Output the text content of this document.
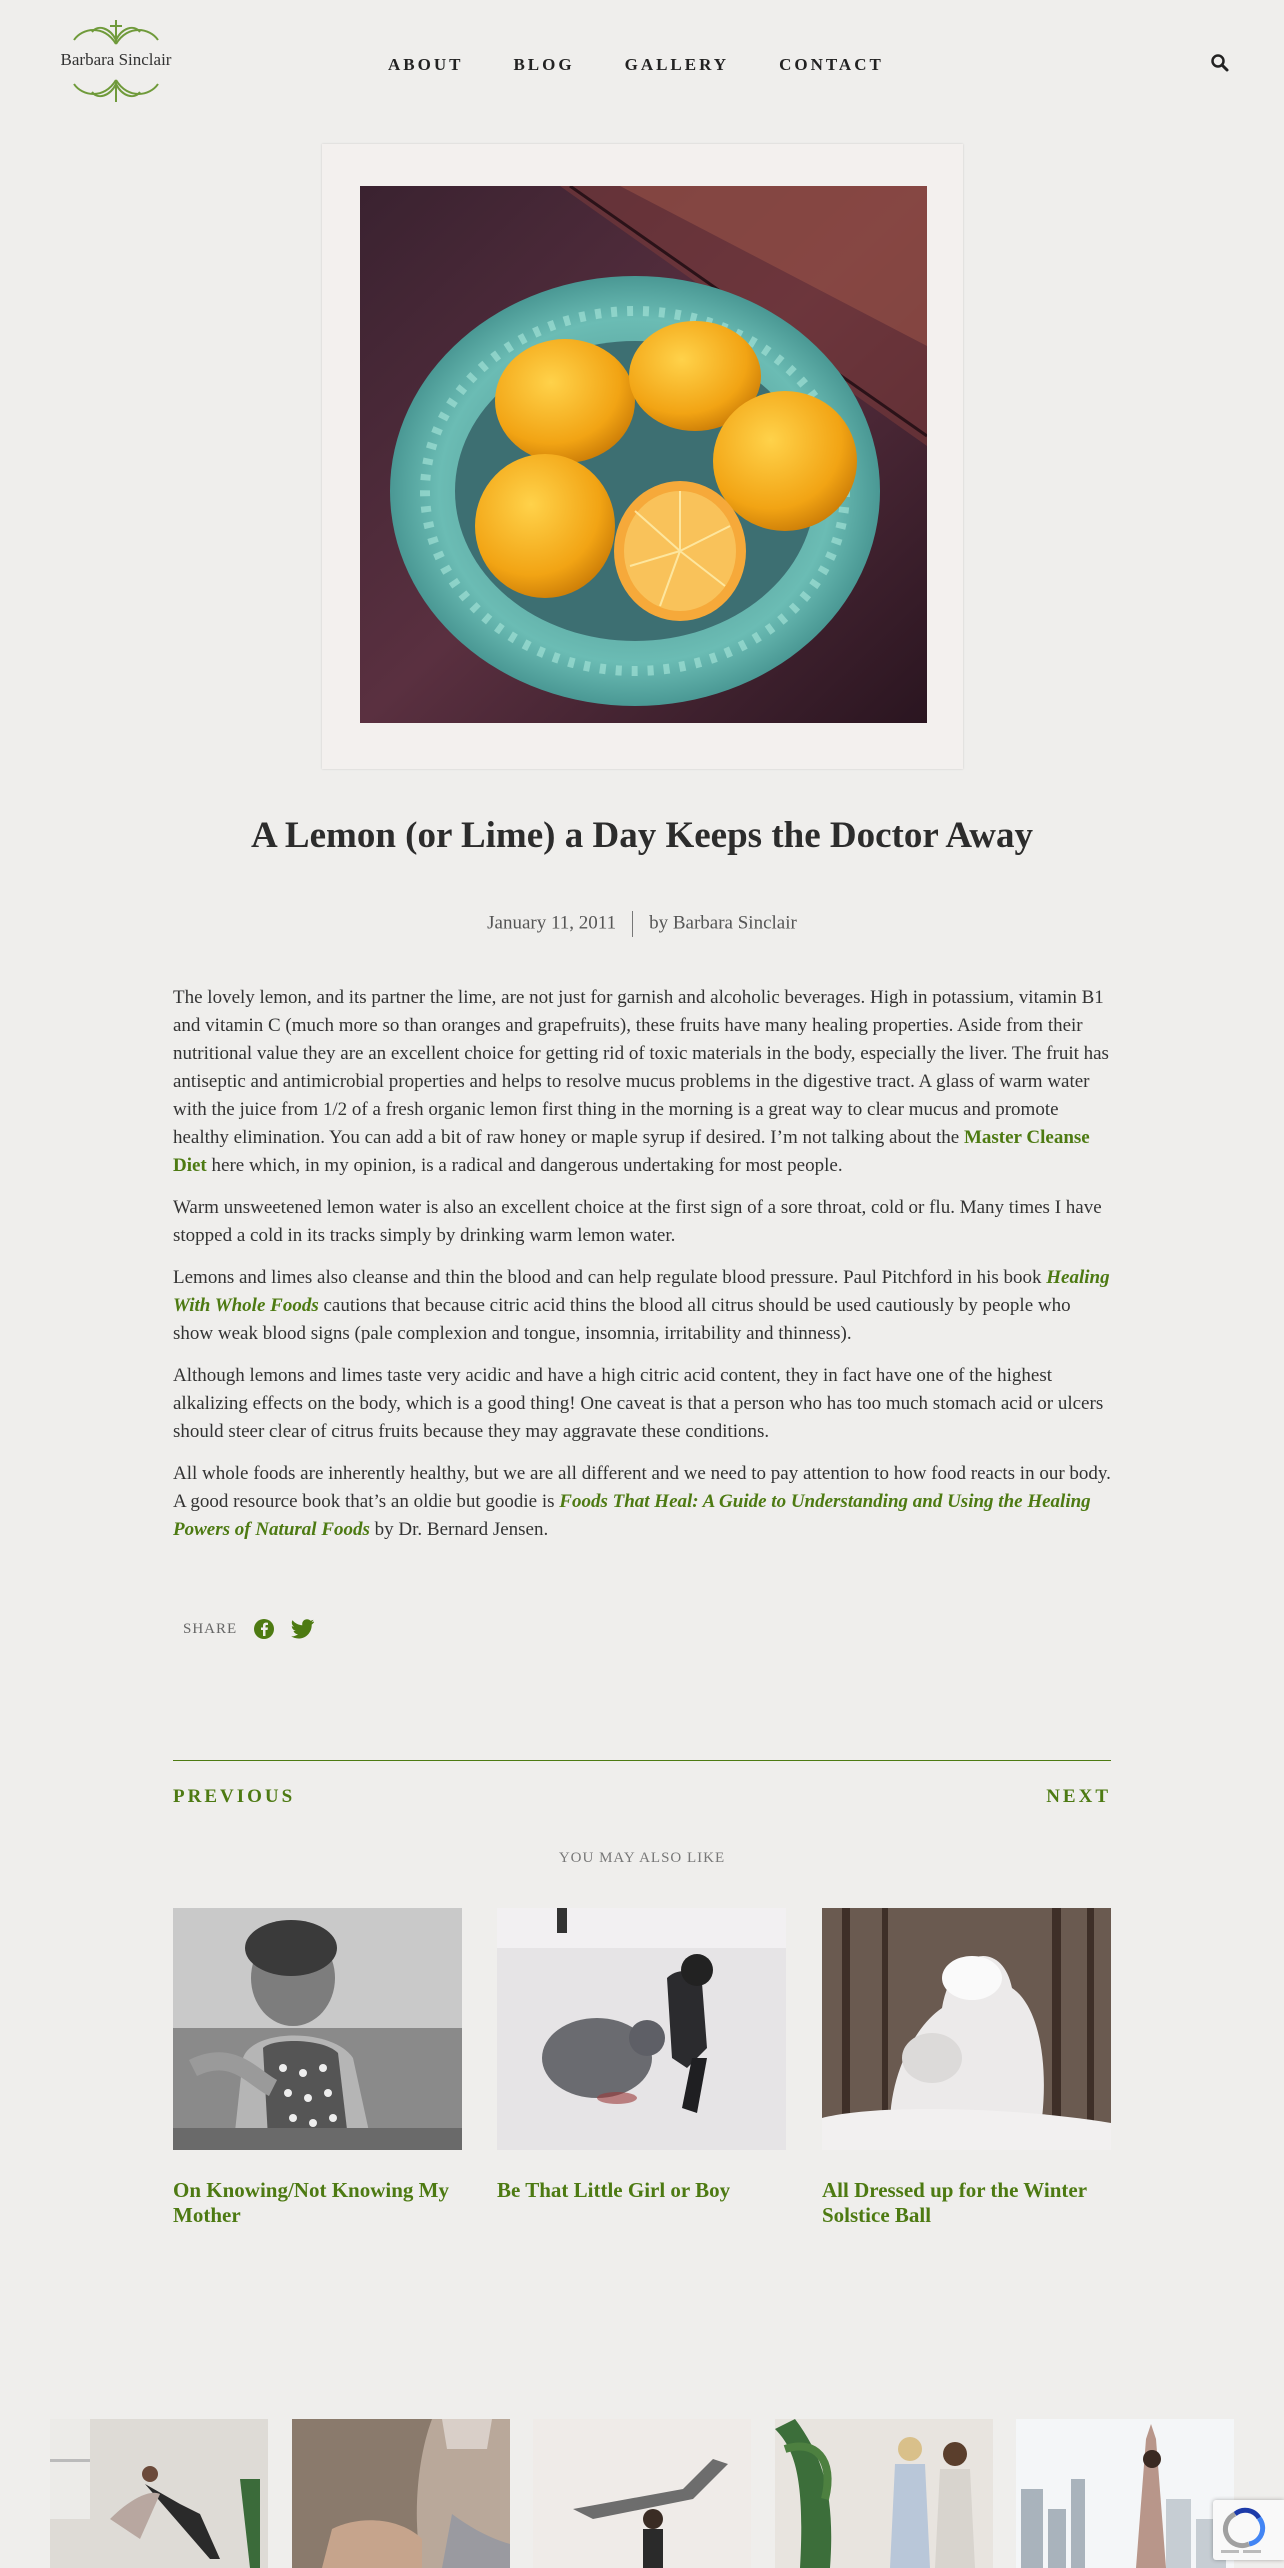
Barbara Sinclair	ABOUT	BLOG	GALLERY	CONTACT
A Lemon (or Lime) a Day Keeps the Doctor Away
January 11, 2011 by Barbara Sinclair

The lovely lemon, and its partner the lime, are not just for garnish and alcoholic beverages. High in potassium, vitamin B1 and vitamin C (much more so than oranges and grapefruits), these fruits have many healing properties. Aside from their nutritional value they are an excellent choice for getting rid of toxic materials in the body, especially the liver. The fruit has antiseptic and antimicrobial properties and helps to resolve mucus problems in the digestive tract. A glass of warm water with the juice from 1/2 of a fresh organic lemon first thing in the morning is a great way to clear mucus and promote healthy elimination. You can add a bit of raw honey or maple syrup if desired. I’m not talking about the Master Cleanse Diet here which, in my opinion, is a radical and dangerous undertaking for most people.

Warm unsweetened lemon water is also an excellent choice at the first sign of a sore throat, cold or flu. Many times I have stopped a cold in its tracks simply by drinking warm lemon water.

Lemons and limes also cleanse and thin the blood and can help regulate blood pressure. Paul Pitchford in his book Healing With Whole Foods cautions that because citric acid thins the blood all citrus should be used cautiously by people who show weak blood signs (pale complexion and tongue, insomnia, irritability and thinness).

Although lemons and limes taste very acidic and have a high citric acid content, they in fact have one of the highest alkalizing effects on the body, which is a good thing! One caveat is that a person who has too much stomach acid or ulcers should steer clear of citrus fruits because they may aggravate these conditions.

All whole foods are inherently healthy, but we are all different and we need to pay attention to how food reacts in our body. A good resource book that’s an oldie but goodie is Foods That Heal: A Guide to Understanding and Using the Healing Powers of Natural Foods by Dr. Bernard Jensen.

SHARE
PREVIOUS	NEXT
YOU MAY ALSO LIKE
On Knowing/Not Knowing My Mother
Be That Little Girl or Boy	All Dressed up for the Winter Solstice Ball
